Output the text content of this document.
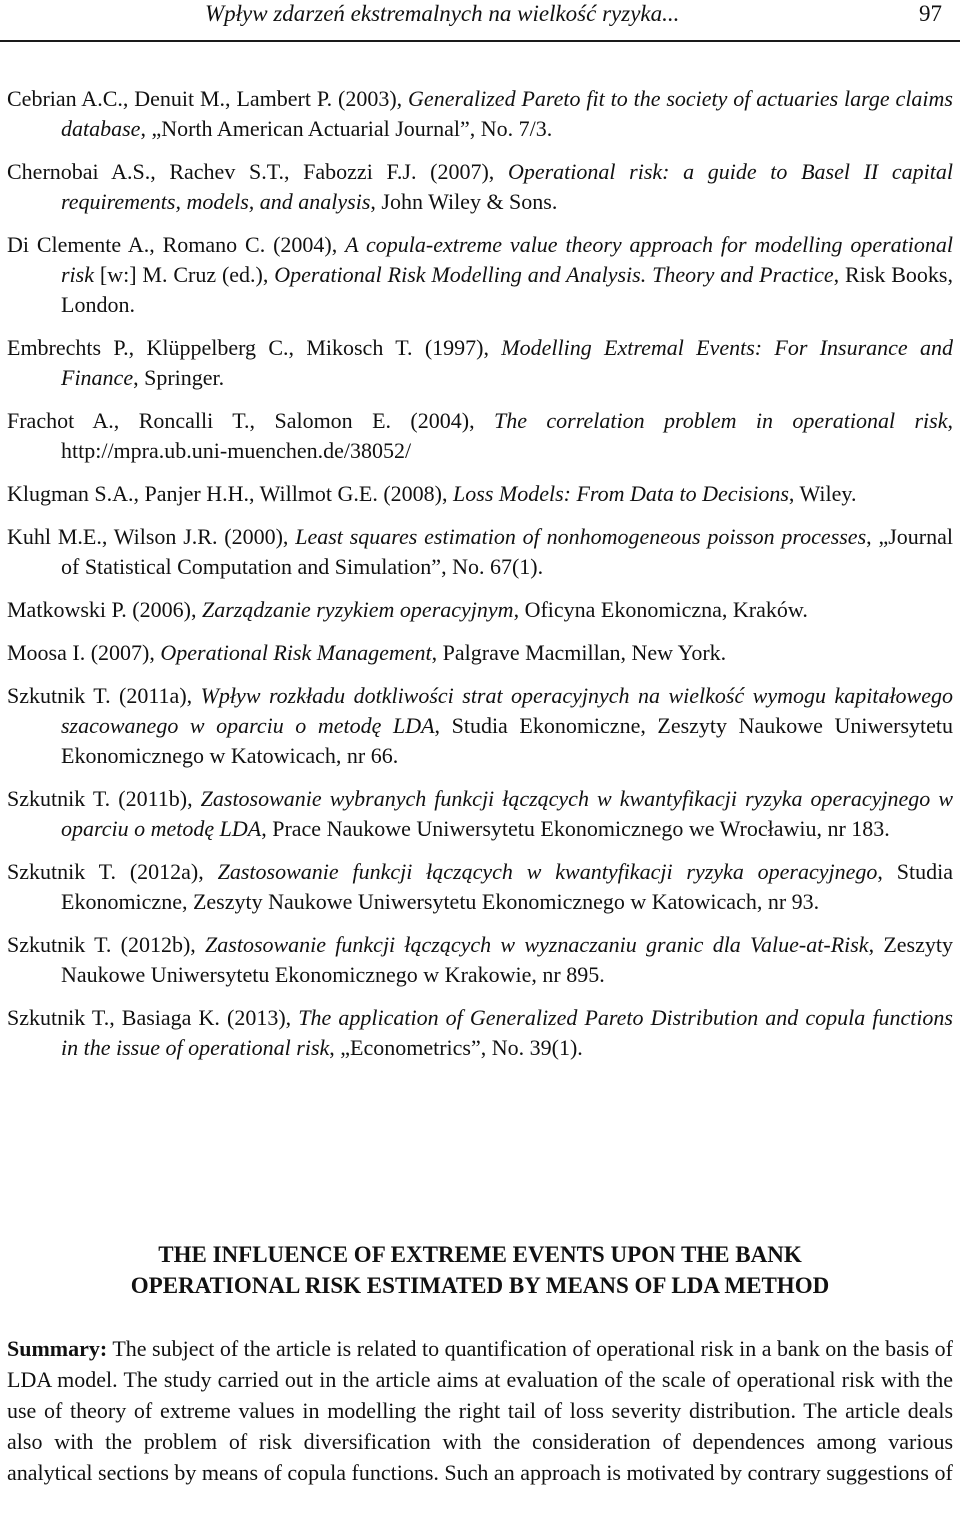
Wpływ zdarzeń ekstremalnych na wielkość ryzyka...	97

Cebrian A.C., Denuit M., Lambert P. (2003), Generalized Pareto fit to the society of actuaries large claims database, „North American Actuarial Journal”, No. 7/3.

Chernobai A.S., Rachev S.T., Fabozzi F.J. (2007), Operational risk: a guide to Basel II capital requirements, models, and analysis, John Wiley & Sons.

Di Clemente A., Romano C. (2004), A copula-extreme value theory approach for modelling operational risk [w:] M. Cruz (ed.), Operational Risk Modelling and Analysis. Theory and Practice, Risk Books, London.

Embrechts P., Klüppelberg C., Mikosch T. (1997), Modelling Extremal Events: For Insurance and Finance, Springer.

Frachot A., Roncalli T., Salomon E. (2004), The correlation problem in operational risk, http://mpra.ub.uni-muenchen.de/38052/

Klugman S.A., Panjer H.H., Willmot G.E. (2008), Loss Models: From Data to Decisions, Wiley.

Kuhl M.E., Wilson J.R. (2000), Least squares estimation of nonhomogeneous poisson processes, „Journal of Statistical Computation and Simulation”, No. 67(1).

Matkowski P. (2006), Zarządzanie ryzykiem operacyjnym, Oficyna Ekonomiczna, Kraków.

Moosa I. (2007), Operational Risk Management, Palgrave Macmillan, New York.

Szkutnik T. (2011a), Wpływ rozkładu dotkliwości strat operacyjnych na wielkość wymogu kapitałowego szacowanego w oparciu o metodę LDA, Studia Ekonomiczne, Zeszyty Naukowe Uniwersytetu Ekonomicznego w Katowicach, nr 66.

Szkutnik T. (2011b), Zastosowanie wybranych funkcji łączących w kwantyfikacji ryzyka operacyjnego w oparciu o metodę LDA, Prace Naukowe Uniwersytetu Ekonomicznego we Wrocławiu, nr 183.

Szkutnik T. (2012a), Zastosowanie funkcji łączących w kwantyfikacji ryzyka operacyjnego, Studia Ekonomiczne, Zeszyty Naukowe Uniwersytetu Ekonomicznego w Katowicach, nr 93.

Szkutnik T. (2012b), Zastosowanie funkcji łączących w wyznaczaniu granic dla Value-at-Risk, Zeszyty Naukowe Uniwersytetu Ekonomicznego w Krakowie, nr 895.

Szkutnik T., Basiaga K. (2013), The application of Generalized Pareto Distribution and copula functions in the issue of operational risk, „Econometrics”, No. 39(1).

THE INFLUENCE OF EXTREME EVENTS UPON THE BANK
OPERATIONAL RISK ESTIMATED BY MEANS OF LDA METHOD

Summary: The subject of the article is related to quantification of operational risk in a bank on the basis of LDA model. The study carried out in the article aims at evaluation of the scale of operational risk with the use of theory of extreme values in modelling the right tail of loss severity distribution. The article deals also with the problem of risk diversification with the consideration of dependences among various analytical sections by means of copula functions. Such an approach is motivated by contrary suggestions of
